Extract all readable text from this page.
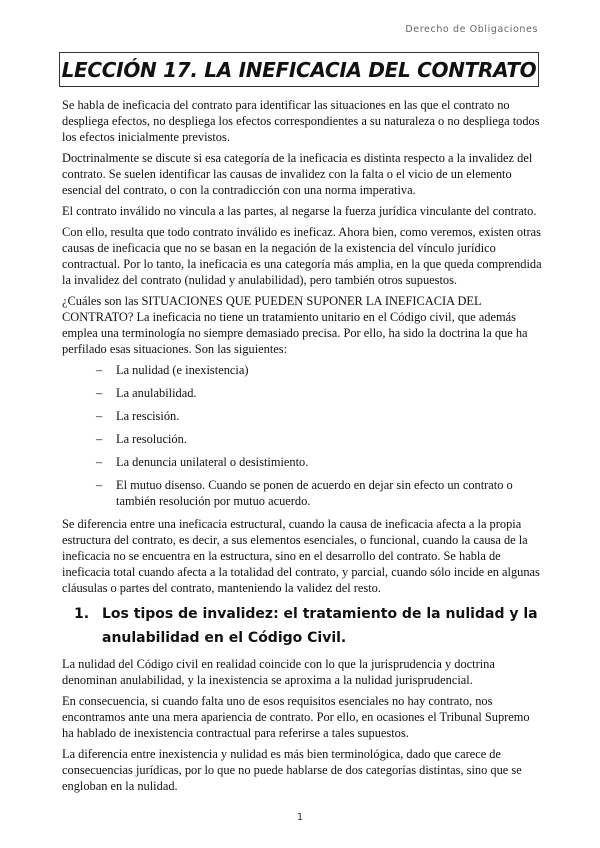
Derecho de Obligaciones
LECCIÓN 17. LA INEFICACIA DEL CONTRATO

Se habla de ineficacia del contrato para identificar las situaciones en las que el contrato no despliega efectos, no despliega los efectos correspondientes a su naturaleza o no despliega todos los efectos inicialmente previstos.

Doctrinalmente se discute si esa categoría de la ineficacia es distinta respecto a la invalidez del contrato. Se suelen identificar las causas de invalidez con la falta o el vicio de un elemento esencial del contrato, o con la contradicción con una norma imperativa.

El contrato inválido no vincula a las partes, al negarse la fuerza jurídica vinculante del contrato.

Con ello, resulta que todo contrato inválido es ineficaz. Ahora bien, como veremos, existen otras causas de ineficacia que no se basan en la negación de la existencia del vínculo jurídico contractual. Por lo tanto, la ineficacia es una categoría más amplia, en la que queda comprendida la invalidez del contrato (nulidad y anulabilidad), pero también otros supuestos.

¿Cuáles son las SITUACIONES QUE PUEDEN SUPONER LA INEFICACIA DEL CONTRATO? La ineficacia no tiene un tratamiento unitario en el Código civil, que además emplea una terminología no siempre demasiado precisa. Por ello, ha sido la doctrina la que ha perfilado esas situaciones. Son las siguientes:

– La nulidad (e inexistencia)
– La anulabilidad.
– La rescisión.
– La resolución.
– La denuncia unilateral o desistimiento.
– El mutuo disenso. Cuando se ponen de acuerdo en dejar sin efecto un contrato o también resolución por mutuo acuerdo.

Se diferencia entre una ineficacia estructural, cuando la causa de ineficacia afecta a la propia estructura del contrato, es decir, a sus elementos esenciales, o funcional, cuando la causa de la ineficacia no se encuentra en la estructura, sino en el desarrollo del contrato. Se habla de ineficacia total cuando afecta a la totalidad del contrato, y parcial, cuando sólo incide en algunas cláusulas o partes del contrato, manteniendo la validez del resto.

1. Los tipos de invalidez: el tratamiento de la nulidad y la anulabilidad en el Código Civil.

La nulidad del Código civil en realidad coincide con lo que la jurisprudencia y doctrina denominan anulabilidad, y la inexistencia se aproxima a la nulidad jurisprudencial.

En consecuencia, si cuando falta uno de esos requisitos esenciales no hay contrato, nos encontramos ante una mera apariencia de contrato. Por ello, en ocasiones el Tribunal Supremo ha hablado de inexistencia contractual para referirse a tales supuestos.

La diferencia entre inexistencia y nulidad es más bien terminológica, dado que carece de consecuencias jurídicas, por lo que no puede hablarse de dos categorías distintas, sino que se engloban en la nulidad.

1
